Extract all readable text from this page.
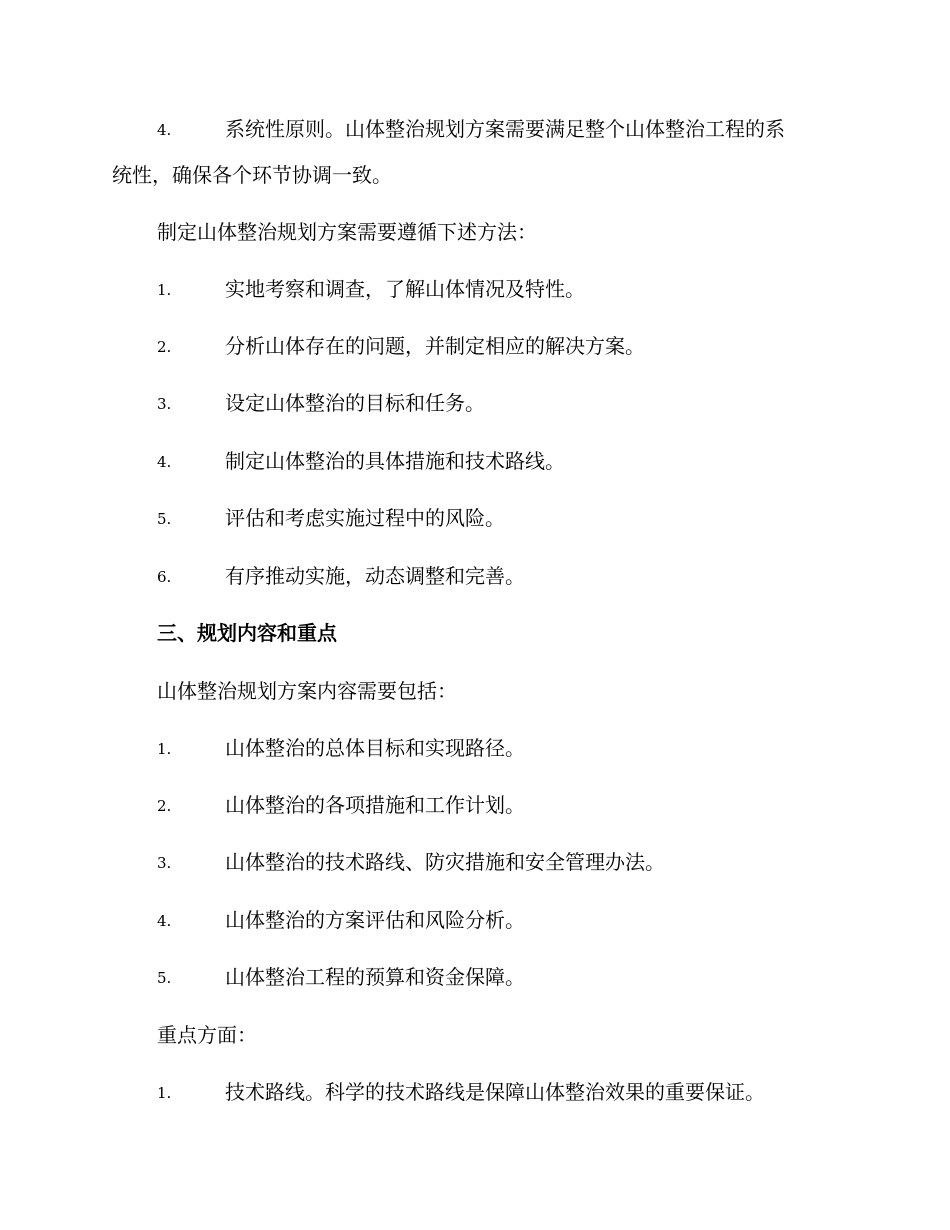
4.	系统性原则。山体整治规划方案需要满足整个山体整治工程的系
统性，确保各个环节协调一致。
制定山体整治规划方案需要遵循下述方法：
1.	实地考察和调查，了解山体情况及特性。
2.	分析山体存在的问题，并制定相应的解决方案。
3.	设定山体整治的目标和任务。
4.	制定山体整治的具体措施和技术路线。
5.	评估和考虑实施过程中的风险。
6.	有序推动实施，动态调整和完善。
三、规划内容和重点
山体整治规划方案内容需要包括：
1.	山体整治的总体目标和实现路径。
2.	山体整治的各项措施和工作计划。
3.	山体整治的技术路线、防灾措施和安全管理办法。
4.	山体整治的方案评估和风险分析。
5.	山体整治工程的预算和资金保障。
重点方面：
1.	技术路线。科学的技术路线是保障山体整治效果的重要保证。
